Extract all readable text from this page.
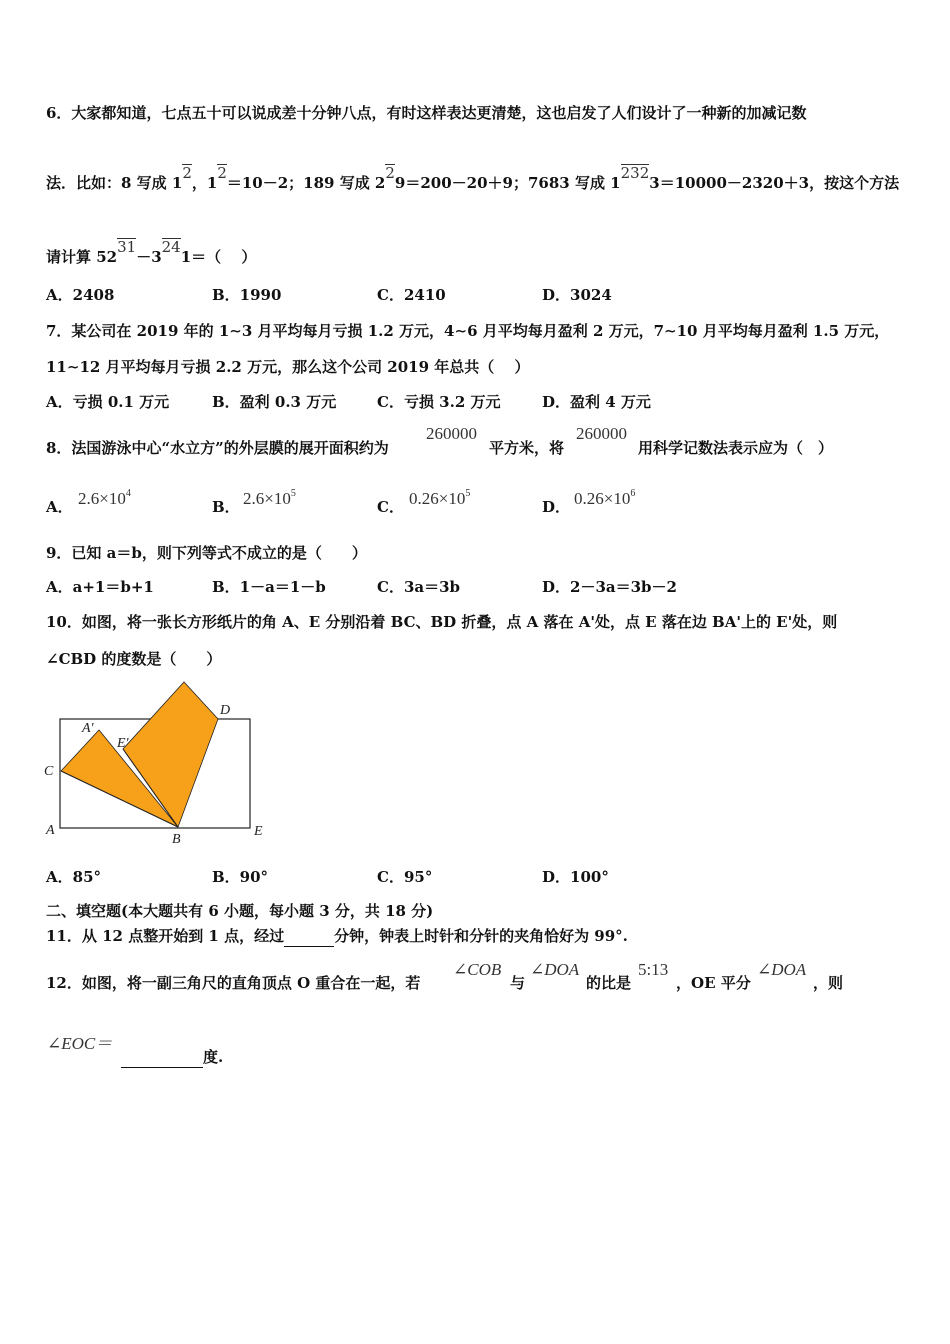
6．大家都知道，七点五十可以说成差十分钟八点，有时这样表达更清楚，这也启发了人们设计了一种新的加减记数
法．比如：8 写成 12，12＝10－2；189 写成 229＝200－20＋9；7683 写成 12323＝10000－2320＋3，按这个方法
请计算 5231－3241＝（　 ）
A．2408	B．1990	C．2410	D．3024
7．某公司在 2019 年的 1∼3 月平均每月亏损 1.2 万元，4∼6 月平均每月盈利 2 万元，7∼10 月平均每月盈利 1.5 万元，
11∼12 月平均每月亏损 2.2 万元，那么这个公司 2019 年总共（　 ）
A．亏损 0.1 万元	B．盈利 0.3 万元	C．亏损 3.2 万元	D．盈利 4 万元
8．法国游泳中心“水立方”的外层膜的展开面积约为
260000
平方米，将
260000
用科学记数法表示应为（　）
A． $2.6\times 10^4$
B． $2.6\times 10^5$
C． $0.26\times 10^5$
D． $0.26\times 10^6$
9．已知 a＝b，则下列等式不成立的是（　　）
A．a+1＝b+1	B．1－a＝1－b	C．3a＝3b	D．2－3a＝3b－2
10．如图，将一张长方形纸片的角 A、E 分别沿着 BC、BD 折叠，点 A 落在 A'处，点 E 落在边 BA'上的 E'处，则
∠CBD 的度数是（　　）
A
A'
E'
C
D
B
E
A．85°	B．90°	C．95°	D．100°
二、填空题(本大题共有 6 小题，每小题 3 分，共 18 分)
11．从 12 点整开始到 1 点，经过	分钟，钟表上时针和分针的夹角恰好为 99°.
12．如图，将一副三角尺的直角顶点 O 重合在一起，若
∠COB
与
∠DOA
的比是
5:13
，OE 平分
∠DOA
，则
∠EOC＝
度.
